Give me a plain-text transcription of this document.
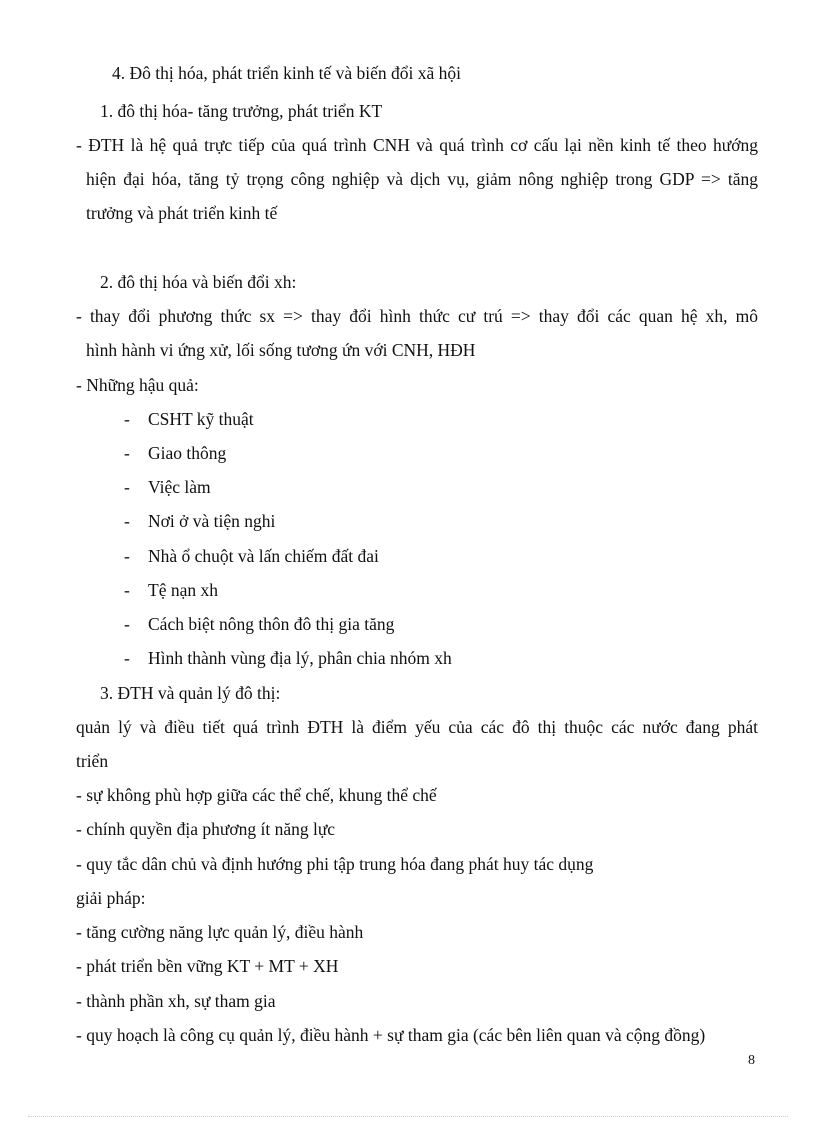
4. Đô thị hóa, phát triển kinh tế và biến đổi xã hội
1. đô thị hóa- tăng trưởng, phát triển KT
- ĐTH là hệ quả trực tiếp của quá trình CNH và quá trình cơ cấu lại nền kinh tế theo hướng
hiện đại hóa, tăng tỷ trọng công nghiệp và dịch vụ, giảm nông nghiệp trong GDP => tăng
trưởng và phát triển kinh tế
2. đô thị hóa và biến đổi xh:
- thay đổi phương thức sx => thay đổi hình thức cư trú => thay đổi các quan hệ xh, mô
hình hành vi ứng xử, lối sống tương ứn với CNH, HĐH
- Những hậu quả:
- CSHT kỹ thuật
- Giao thông
- Việc làm
- Nơi ở và tiện nghi
- Nhà ổ chuột và lấn chiếm đất đai
- Tệ nạn xh
- Cách biệt nông thôn đô thị gia tăng
- Hình thành vùng địa lý, phân chia nhóm xh
3. ĐTH và quản lý đô thị:
quản lý và điều tiết quá trình ĐTH là điểm yếu của các đô thị thuộc các nước đang phát
triển
- sự không phù hợp giữa các thể chế, khung thể chế
- chính quyền địa phương ít năng lực
- quy tắc dân chủ và định hướng phi tập trung hóa đang phát huy tác dụng
giải pháp:
- tăng cường năng lực quản lý, điều hành
- phát triển bền vững KT + MT + XH
- thành phần xh, sự tham gia
- quy hoạch là công cụ quản lý, điều hành + sự tham gia (các bên liên quan và cộng đồng)
8
